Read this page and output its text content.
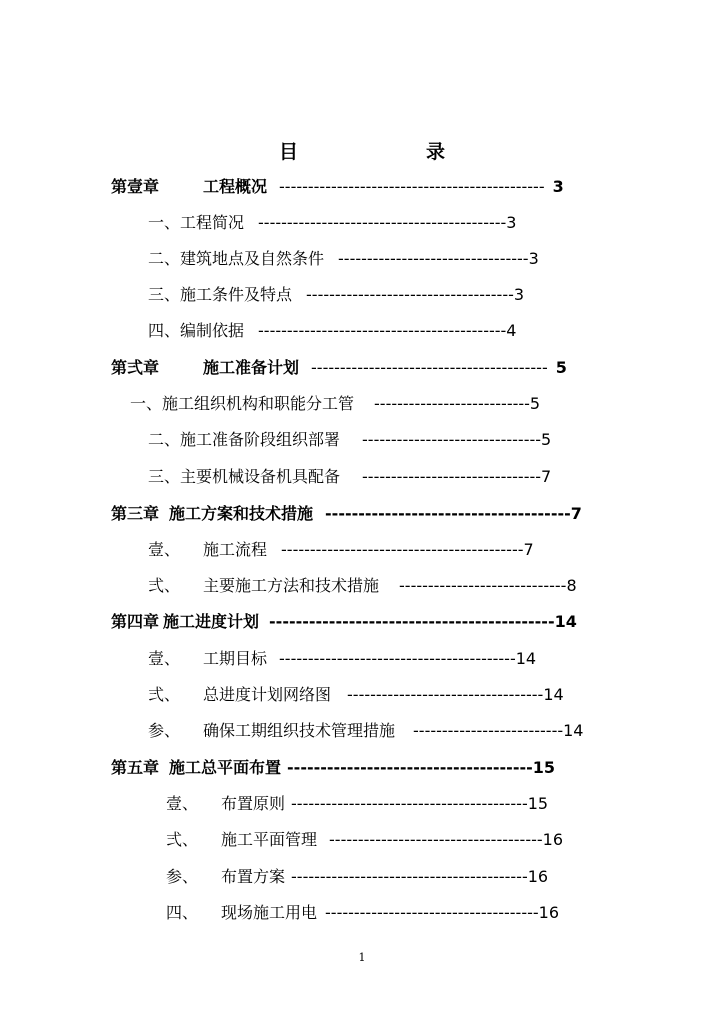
目　　录
第壹章	工程概况 ---------------------------------------------- 3
一、工程简况 -------------------------------------------3
二、建筑地点及自然条件 ---------------------------------3
三、施工条件及特点 ------------------------------------3
四、编制依据 -------------------------------------------4
第弍章	施工准备计划 ----------------------------------------- 5
一、施工组织机构和职能分工管 ---------------------------5
二、施工准备阶段组织部署 -------------------------------5
三、主要机械设备机具配备 -------------------------------7
第三章 施工方案和技术措施 -------------------------------------7
壹、 施工流程 ------------------------------------------7
弍、 主要施工方法和技术措施 -----------------------------8
第四章 施工进度计划 -------------------------------------------14
壹、 工期目标 -----------------------------------------14
弍、 总进度计划网络图 ----------------------------------14
参、 确保工期组织技术管理措施 --------------------------14
第五章 施工总平面布置 -------------------------------------15
壹、 布置原则 -----------------------------------------15
弍、 施工平面管理 -------------------------------------16
参、 布置方案 -----------------------------------------16
四、 现场施工用电 -------------------------------------16
1
